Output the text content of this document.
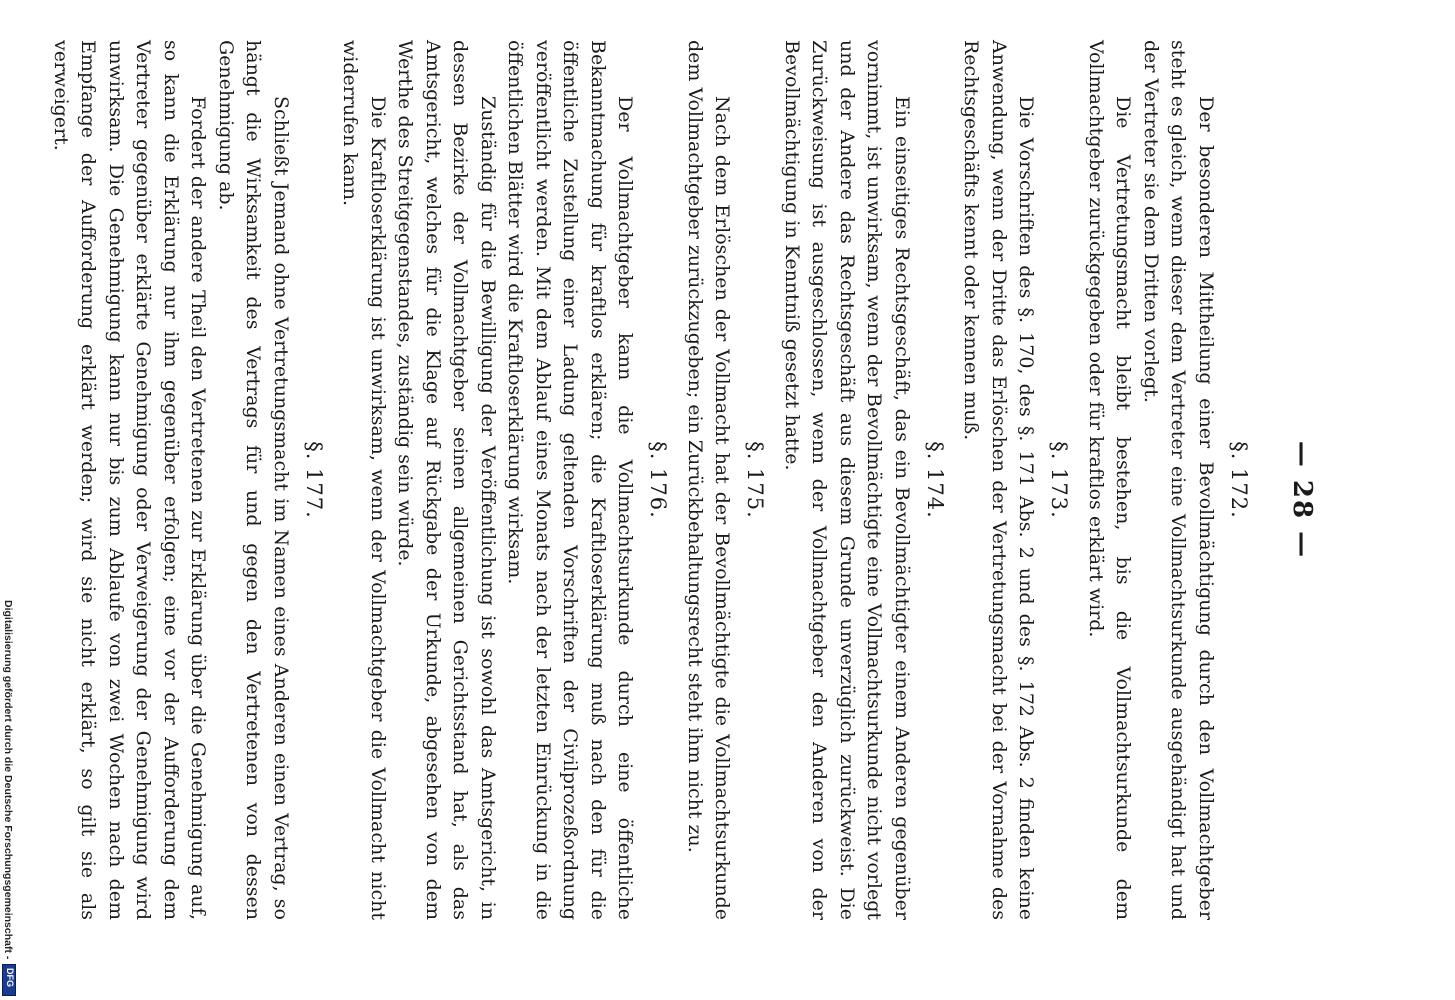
— 28 —
§. 172.

Der besonderen Mittheilung einer Bevollmächtigung durch den Vollmachtgeber steht es gleich, wenn dieser dem Vertreter eine Vollmachtsurkunde ausgehändigt hat und der Vertreter sie dem Dritten vorlegt.

Die Vertretungsmacht bleibt bestehen, bis die Vollmachtsurkunde dem Vollmachtgeber zurückgegeben oder für kraftlos erklärt wird.

§. 173.

Die Vorschriften des §. 170, des §. 171 Abs. 2 und des §. 172 Abs. 2 finden keine Anwendung, wenn der Dritte das Erlöschen der Vertretungsmacht bei der Vornahme des Rechtsgeschäfts kennt oder kennen muß.

§. 174.

Ein einseitiges Rechtsgeschäft, das ein Bevollmächtigter einem Anderen gegenüber vornimmt, ist unwirksam, wenn der Bevollmächtigte eine Vollmachtsurkunde nicht vorlegt und der Andere das Rechtsgeschäft aus diesem Grunde unverzüglich zurückweist. Die Zurückweisung ist ausgeschlossen, wenn der Vollmachtgeber den Anderen von der Bevollmächtigung in Kenntniß gesetzt hatte.

§. 175.

Nach dem Erlöschen der Vollmacht hat der Bevollmächtigte die Vollmachtsurkunde dem Vollmachtgeber zurückzugeben; ein Zurückbehaltungsrecht steht ihm nicht zu.

§. 176.

Der Vollmachtgeber kann die Vollmachtsurkunde durch eine öffentliche Bekanntmachung für kraftlos erklären; die Kraftloserklärung muß nach den für die öffentliche Zustellung einer Ladung geltenden Vorschriften der Civilprozeßordnung veröffentlicht werden. Mit dem Ablauf eines Monats nach der letzten Einrückung in die öffentlichen Blätter wird die Kraftloserklärung wirksam.

Zuständig für die Bewilligung der Veröffentlichung ist sowohl das Amtsgericht, in dessen Bezirke der Vollmachtgeber seinen allgemeinen Gerichtsstand hat, als das Amtsgericht, welches für die Klage auf Rückgabe der Urkunde, abgesehen von dem Werthe des Streitgegenstandes, zuständig sein würde.

Die Kraftloserklärung ist unwirksam, wenn der Vollmachtgeber die Vollmacht nicht widerrufen kann.

§. 177.

Schließt Jemand ohne Vertretungsmacht im Namen eines Anderen einen Vertrag, so hängt die Wirksamkeit des Vertrags für und gegen den Vertretenen von dessen Genehmigung ab.

Fordert der andere Theil den Vertretenen zur Erklärung über die Genehmigung auf, so kann die Erklärung nur ihm gegenüber erfolgen; eine vor der Aufforderung dem Vertreter gegenüber erklärte Genehmigung oder Verweigerung der Genehmigung wird unwirksam. Die Genehmigung kann nur bis zum Ablaufe von zwei Wochen nach dem Empfange der Aufforderung erklärt werden; wird sie nicht erklärt, so gilt sie als verweigert.

Digitalisierung gefördert durch die Deutsche Forschungsgemeinschaft -
DFG
